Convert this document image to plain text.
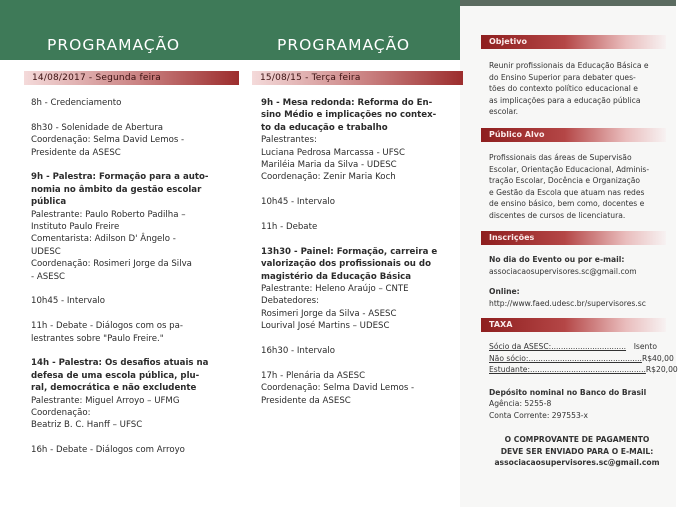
PROGRAMAÇÃO	PROGRAMAÇÃO
14/08/2017 - Segunda feira	15/08/15 - Terça feira

8h - Credenciamento

8h30 - Solenidade de Abertura

Coordenação: Selma David Lemos -

Presidente da ASESC

9h - Palestra: Formação para a auto-

nomia no âmbito da gestão escolar

pública

Palestrante: Paulo Roberto Padilha –

Instituto Paulo Freire

Comentarista: Adilson D' Ângelo -

UDESC

Coordenação: Rosimeri Jorge da Silva

- ASESC

10h45 - Intervalo

11h - Debate - Diálogos com os pa-

lestrantes sobre "Paulo Freire."

14h - Palestra: Os desafios atuais na

defesa de uma escola pública, plu-

ral, democrática e não excludente

Palestrante: Miguel Arroyo – UFMG

Coordenação:

Beatriz B. C. Hanff – UFSC

16h - Debate - Diálogos com Arroyo

9h - Mesa redonda: Reforma do En-

sino Médio e implicações no contex-

to da educação e trabalho

Palestrantes:

Luciana Pedrosa Marcassa - UFSC

Mariléia Maria da Silva - UDESC

Coordenação: Zenir Maria Koch

10h45 - Intervalo

11h - Debate

13h30 - Painel: Formação, carreira e

valorização dos profissionais ou do

magistério da Educação Básica

Palestrante: Heleno Araújo – CNTE

Debatedores:

Rosimeri Jorge da Silva - ASESC

Lourival José Martins – UDESC

16h30 - Intervalo

17h - Plenária da ASESC

Coordenação: Selma David Lemos -

Presidente da ASESC

Objetivo

Reunir profissionais da Educação Básica e

do Ensino Superior para debater ques-

tões do contexto político educacional e

as implicações para a educação pública

escolar.

Público Alvo

Profissionais das áreas de Supervisão

Escolar, Orientação Educacional, Adminis-

tração Escolar, Docência e Organização

e Gestão da Escola que atuam nas redes

de ensino básico, bem como, docentes e

discentes de cursos de licenciatura.

Inscrições

No dia do Evento ou por e-mail:

associacaosupervisores.sc@gmail.com

Online:

http://www.faed.udesc.br/supervisores.sc

TAXA
Sócio da ASESC:............................... Isento
Não sócio:............................................... R$40,00
Estudante:................................................ R$20,00

Depósito nominal no Banco do Brasil

Agência: 5255-8

Conta Corrente: 297553-x

O COMPROVANTE DE PAGAMENTO

DEVE SER ENVIADO PARA O E-MAIL:

associacaosupervisores.sc@gmail.com
